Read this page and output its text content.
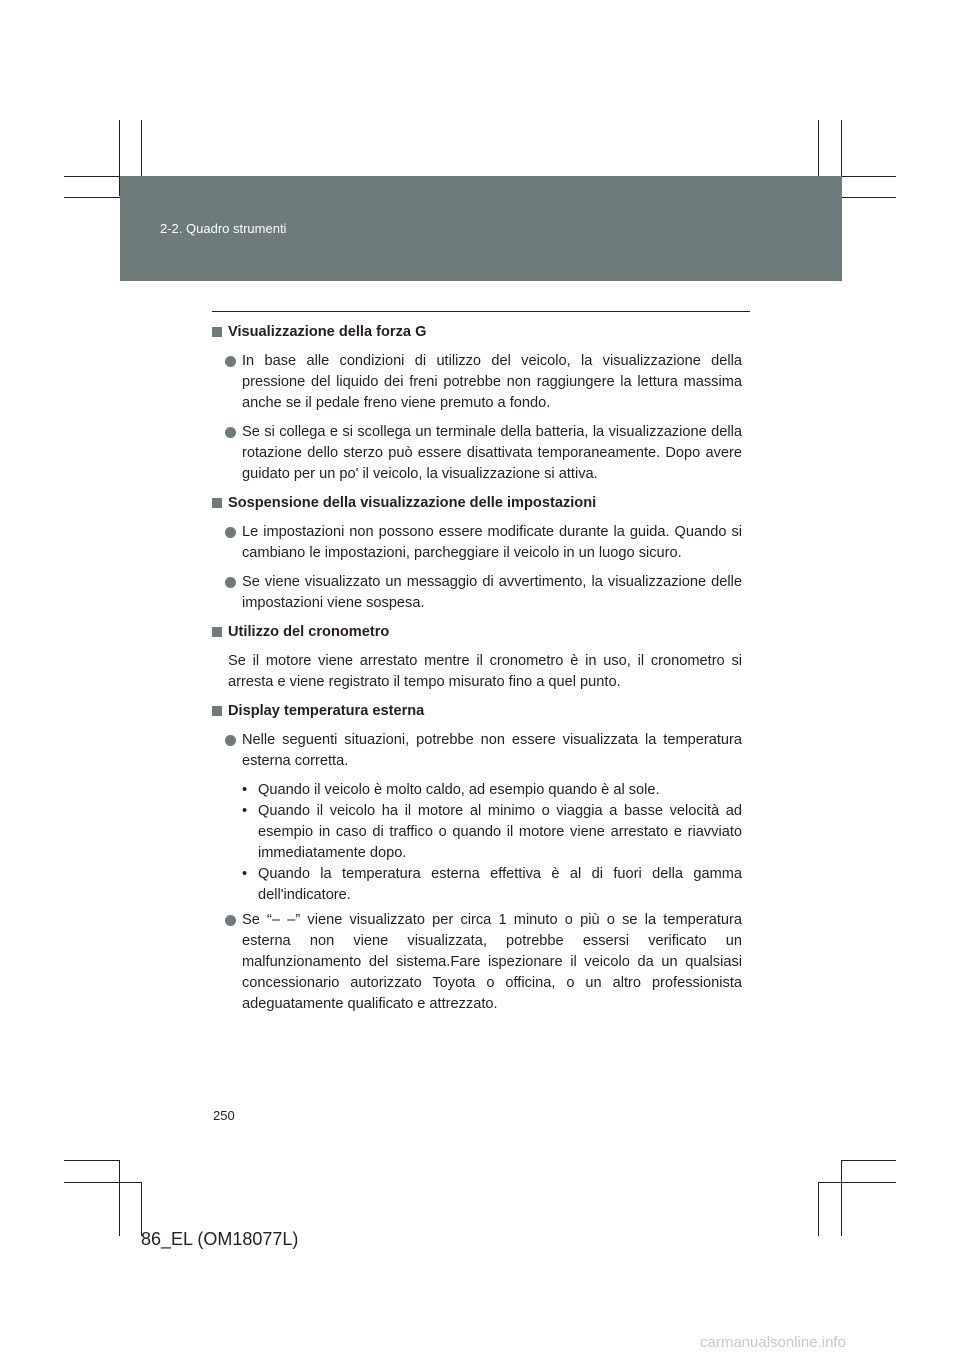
2-2. Quadro strumenti
Visualizzazione della forza G
In base alle condizioni di utilizzo del veicolo, la visualizzazione della pressione del liquido dei freni potrebbe non raggiungere la lettura massima anche se il pedale freno viene premuto a fondo.
Se si collega e si scollega un terminale della batteria, la visualizzazione della rotazione dello sterzo può essere disattivata temporaneamente. Dopo avere guidato per un po' il veicolo, la visualizzazione si attiva.
Sospensione della visualizzazione delle impostazioni
Le impostazioni non possono essere modificate durante la guida. Quando si cambiano le impostazioni, parcheggiare il veicolo in un luogo sicuro.
Se viene visualizzato un messaggio di avvertimento, la visualizzazione delle impostazioni viene sospesa.
Utilizzo del cronometro
Se il motore viene arrestato mentre il cronometro è in uso, il cronometro si arresta e viene registrato il tempo misurato fino a quel punto.
Display temperatura esterna
Nelle seguenti situazioni, potrebbe non essere visualizzata la temperatura esterna corretta.
• Quando il veicolo è molto caldo, ad esempio quando è al sole.
• Quando il veicolo ha il motore al minimo o viaggia a basse velocità ad esempio in caso di traffico o quando il motore viene arrestato e riavviato immediatamente dopo.
• Quando la temperatura esterna effettiva è al di fuori della gamma dell'indicatore.
Se “– –” viene visualizzato per circa 1 minuto o più o se la temperatura esterna non viene visualizzata, potrebbe essersi verificato un malfunzionamento del sistema.Fare ispezionare il veicolo da un qualsiasi concessionario autorizzato Toyota o officina, o un altro professionista adeguatamente qualificato e attrezzato.
250
86_EL (OM18077L)
carmanualsonline.info
